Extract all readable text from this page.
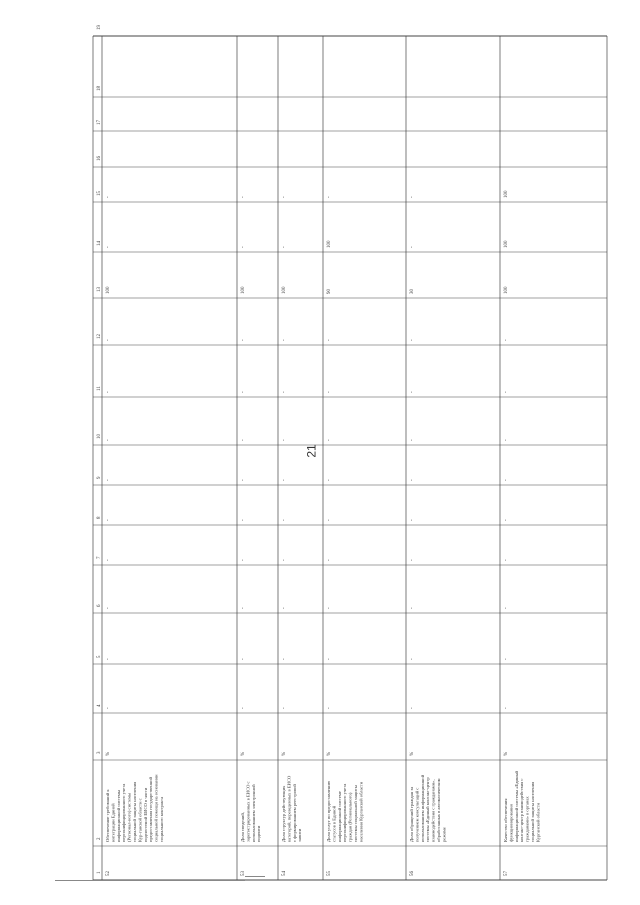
21
1
2
3
4
5
6
7
8
9
10
11
12
13
14
15
16
17
18
19
52
Обеспечение требований к интеграции Единой информационной системы персонифицированного учета (Регионал-ного) системы социальной защиты населения Кур-ганской области с подсистемой ЕИСО в части предоставления государственной социальной помощи на основании социального контракта
%
-
-
-
-
-
-
-
-
-
100
-
-
53
Доля сведений, зарегистрированных в ЕИСО с использованием электронной подписи
%
-
-
-
-
-
-
-
-
-
100
-
-
54
Доля структур действующих категорий, переведенных в ЕИСО с формированием реестровой записи
%
-
-
-
-
-
-
-
-
-
100
-
-
55
Доля услуг по предоставлению статусов в Единой информационной системе персонифицированного учета граждан (Регионального) системы социальной защиты населения Курганской области
%
-
-
-
-
-
-
-
-
-
90
100
-
56
Доля обращений граждан за получением консультаций с использованием информационной системы «Единый контакт-центр взаимодействия с гражданами», обработанных в автоматическом режиме
%
-
-
-
-
-
-
-
-
-
30
-
-
57
Качество обеспечения функционирования информационной системы «Единый контакт-центр взаимодействия с гражданами» в органах социальной защиты населения Курганской области
%
-
-
-
-
-
-
-
-
-
100
100
100
